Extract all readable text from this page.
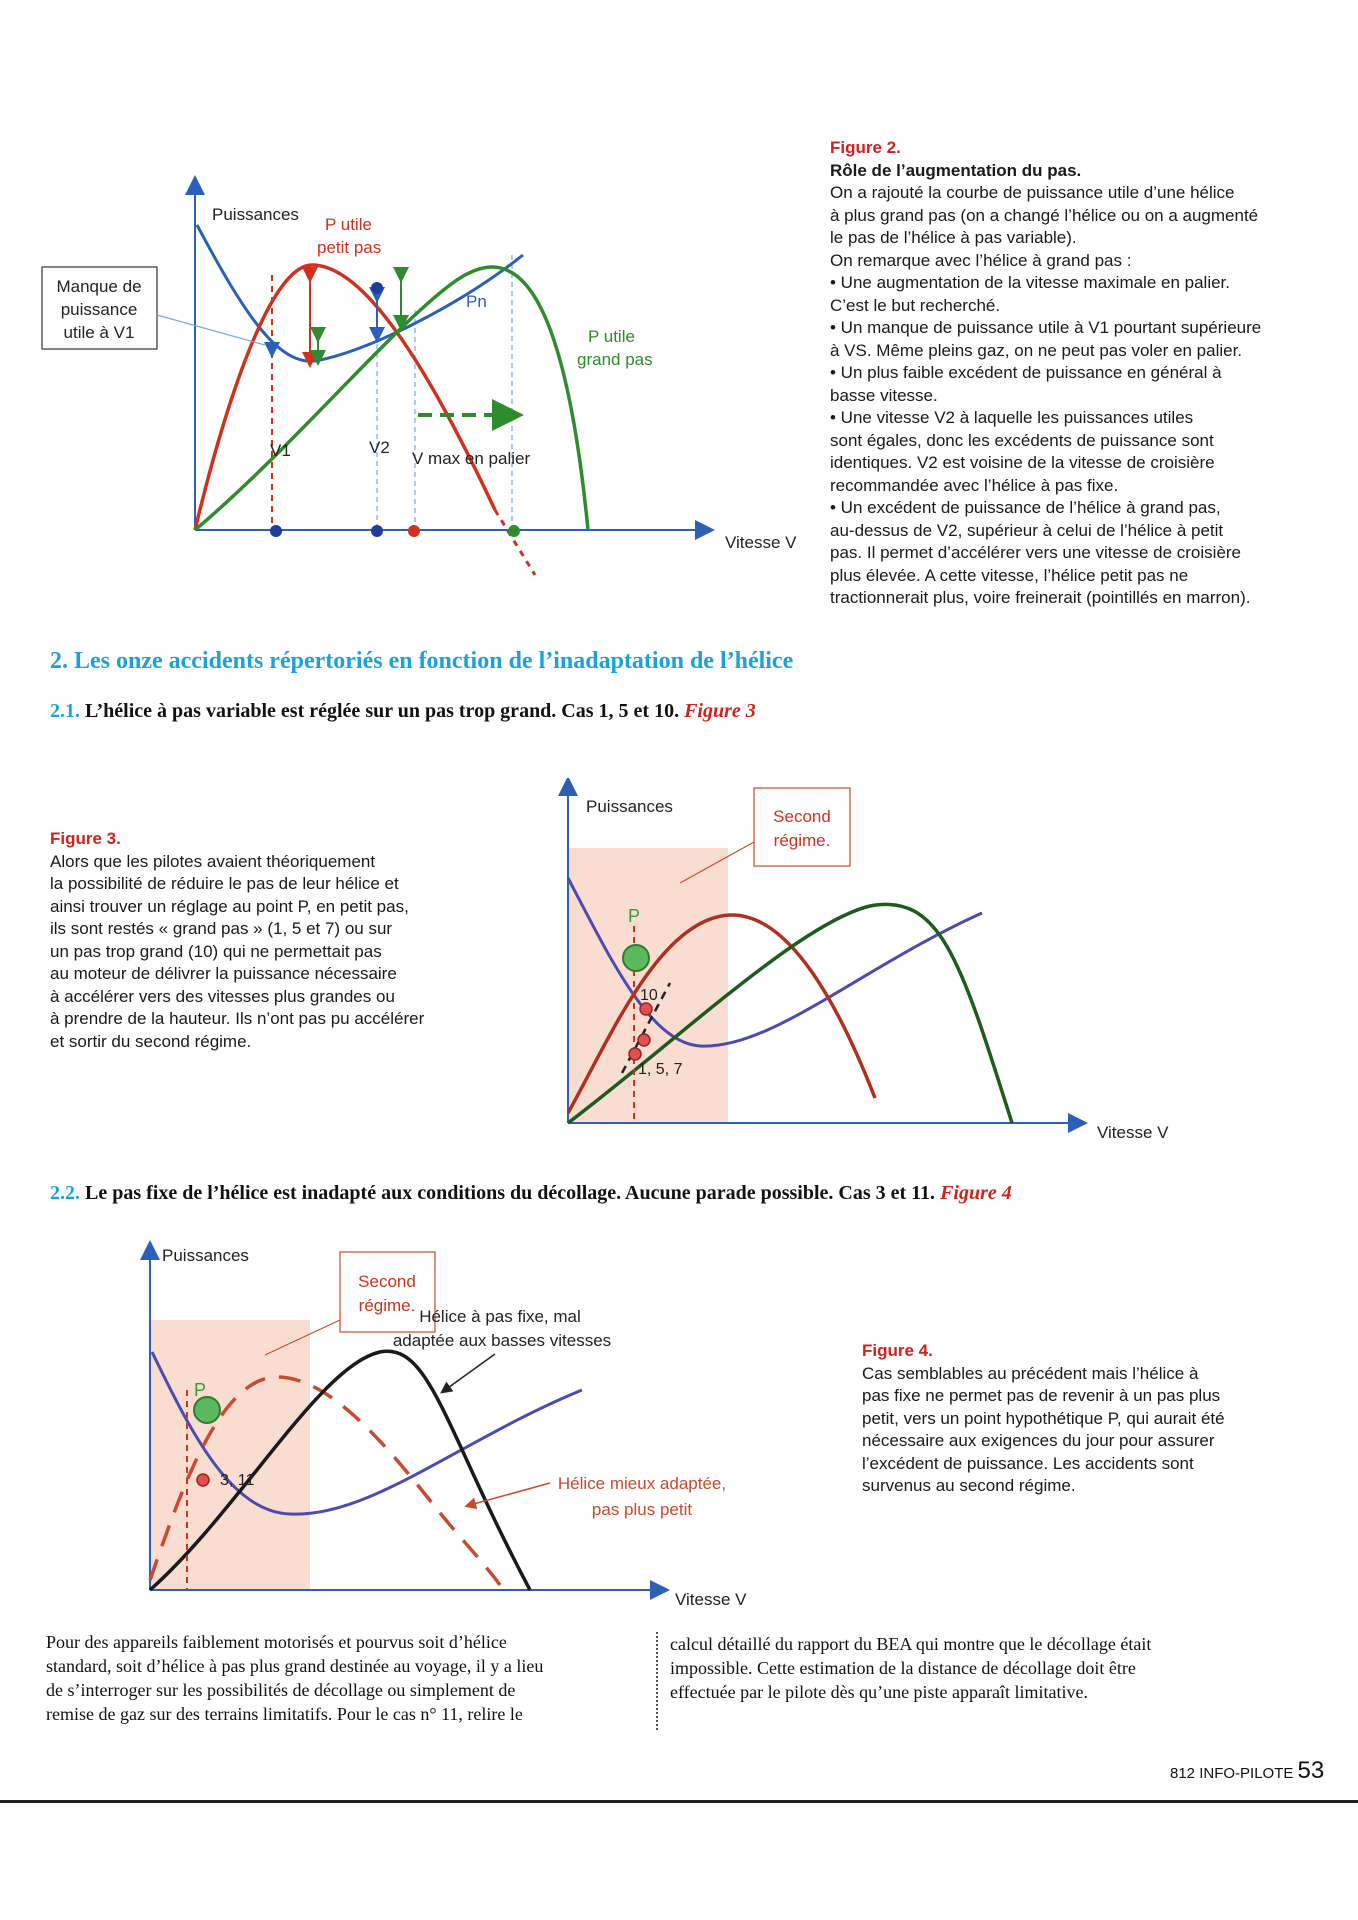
Puissances
Vitesse V
P utile
petit pas
P utile
grand pas
Pn
V1	V2
V max en palier
Manque de
puissance
utile à V1
Figure 2.
Rôle de l’augmentation du pas.
On a rajouté la courbe de puissance utile d’une hélice
à plus grand pas (on a changé l’hélice ou on a augmenté
le pas de l’hélice à pas variable).
On remarque avec l’hélice à grand pas :
• Une augmentation de la vitesse maximale en palier.
C’est le but recherché.
• Un manque de puissance utile à V1 pourtant supérieure
à VS. Même pleins gaz, on ne peut pas voler en palier.
• Un plus faible excédent de puissance en général à
basse vitesse.
• Une vitesse V2 à laquelle les puissances utiles
sont égales, donc les excédents de puissance sont
identiques. V2 est voisine de la vitesse de croisière
recommandée avec l’hélice à pas fixe.
• Un excédent de puissance de l’hélice à grand pas,
au-dessus de V2, supérieur à celui de l’hélice à petit
pas. Il permet d’accélérer vers une vitesse de croisière
plus élevée. A cette vitesse, l’hélice petit pas ne
tractionnerait plus, voire freinerait (pointillés en marron).
2. Les onze accidents répertoriés en fonction de l’inadaptation de l’hélice
2.1. L’hélice à pas variable est réglée sur un pas trop grand. Cas 1, 5 et 10. Figure 3
Figure 3.
Alors que les pilotes avaient théoriquement
la possibilité de réduire le pas de leur hélice et
ainsi trouver un réglage au point P, en petit pas,
ils sont restés « grand pas » (1, 5 et 7) ou sur
un pas trop grand (10) qui ne permettait pas
au moteur de délivrer la puissance nécessaire
à accélérer vers des vitesses plus grandes ou
à prendre de la hauteur. Ils n’ont pas pu accélérer
et sortir du second régime.
Puissances
Vitesse V
P
10
1, 5, 7
Second
régime.
2.2. Le pas fixe de l’hélice est inadapté aux conditions du décollage. Aucune parade possible. Cas 3 et 11. Figure 4
Puissances
Vitesse V
P
3, 11
Second
régime.
Hélice à pas fixe, mal
adaptée aux basses vitesses
Hélice mieux adaptée,
pas plus petit
Figure 4.
Cas semblables au précédent mais l’hélice à
pas fixe ne permet pas de revenir à un pas plus
petit, vers un point hypothétique P, qui aurait été
nécessaire aux exigences du jour pour assurer
l’excédent de puissance. Les accidents sont
survenus au second régime.
Pour des appareils faiblement motorisés et pourvus soit d’hélice
standard, soit d’hélice à pas plus grand destinée au voyage, il y a lieu
de s’interroger sur les possibilités de décollage ou simplement de
remise de gaz sur des terrains limitatifs. Pour le cas n° 11, relire le
calcul détaillé du rapport du BEA qui montre que le décollage était
impossible. Cette estimation de la distance de décollage doit être
effectuée par le pilote dès qu’une piste apparaît limitative.
812 INFO-PILOTE 53
